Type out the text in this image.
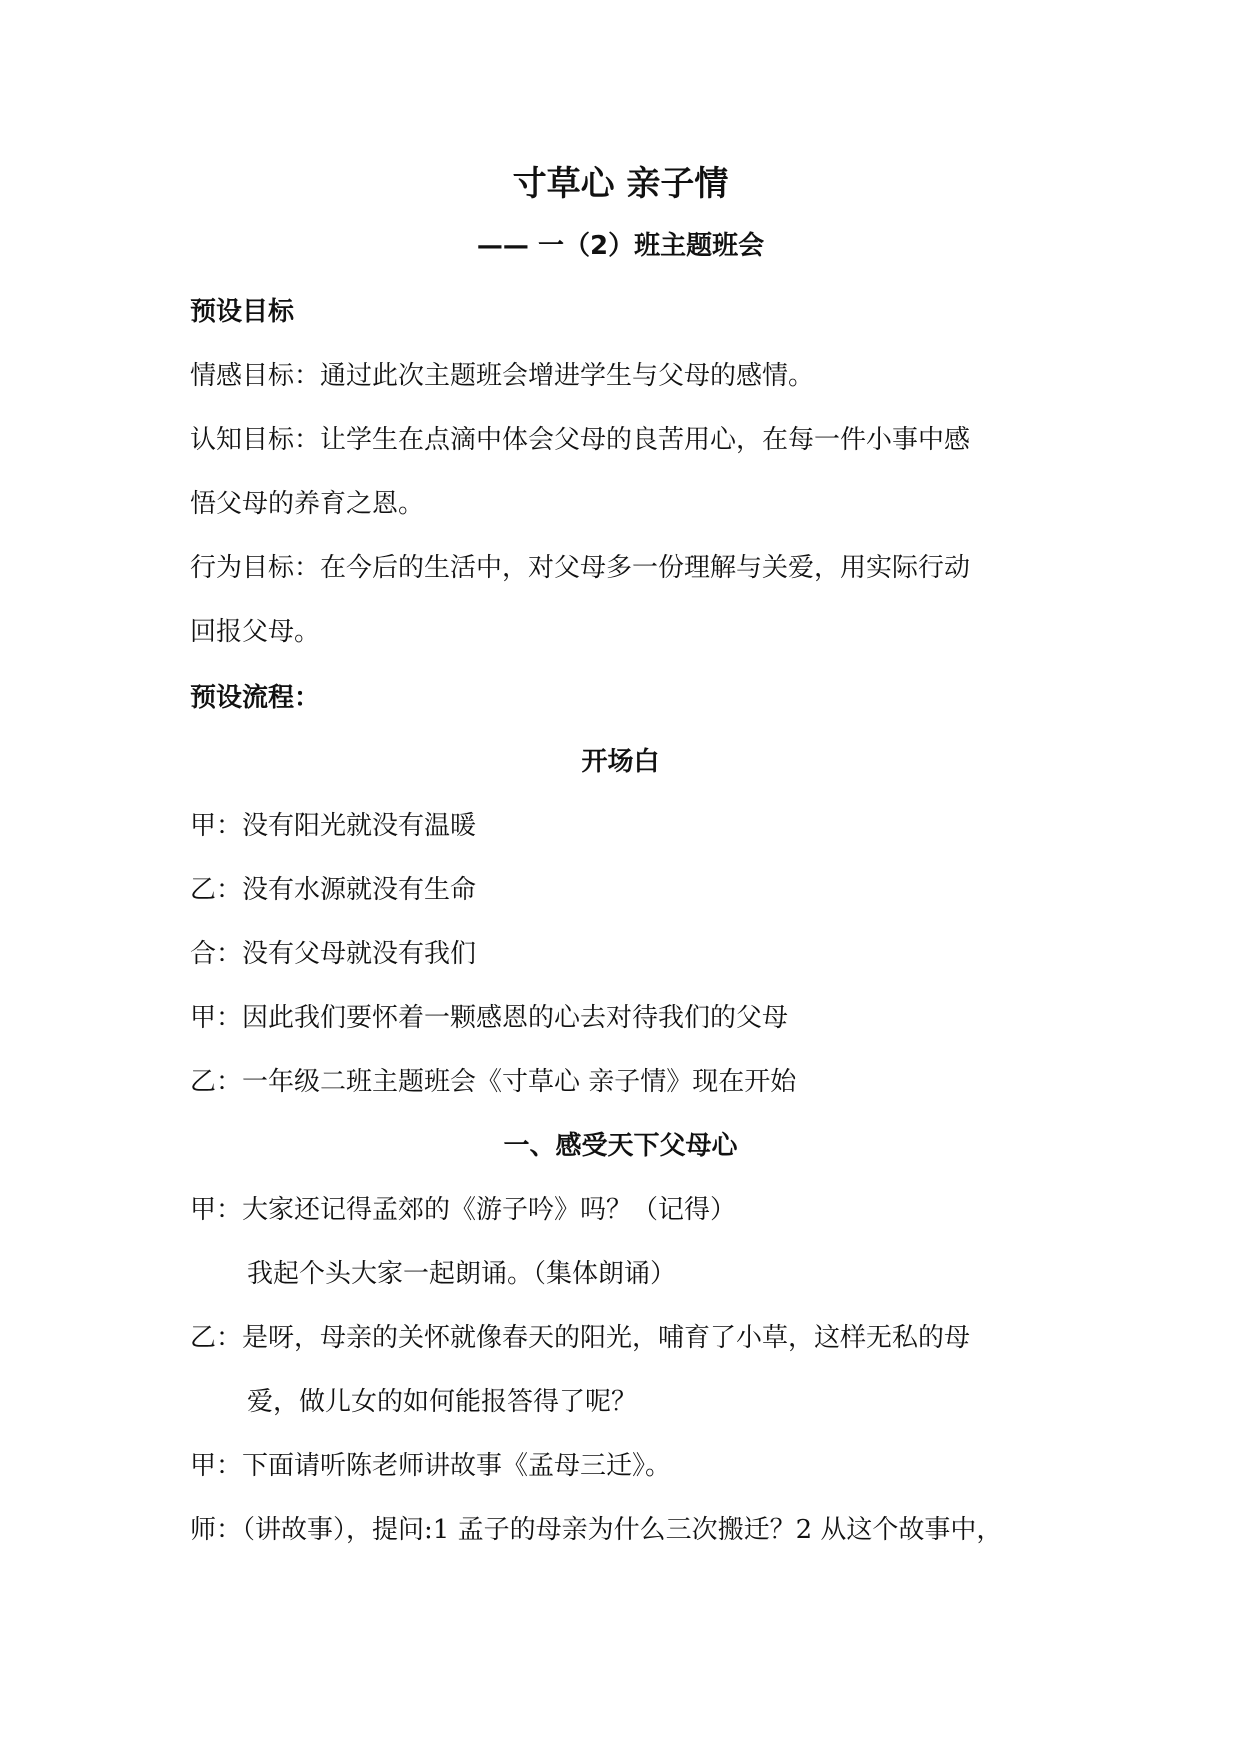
寸草心 亲子情
—— 一（2）班主题班会
预设目标
情感目标：通过此次主题班会增进学生与父母的感情。
认知目标：让学生在点滴中体会父母的良苦用心，在每一件小事中感
悟父母的养育之恩。
行为目标：在今后的生活中，对父母多一份理解与关爱，用实际行动
回报父母。
预设流程：
开场白
甲：没有阳光就没有温暖
乙：没有水源就没有生命
合：没有父母就没有我们
甲：因此我们要怀着一颗感恩的心去对待我们的父母
乙：一年级二班主题班会《寸草心 亲子情》现在开始
一、感受天下父母心
甲：大家还记得孟郊的《游子吟》吗？（记得）
我起个头大家一起朗诵。（集体朗诵）
乙：是呀，母亲的关怀就像春天的阳光，哺育了小草，这样无私的母
爱，做儿女的如何能报答得了呢？
甲：下面请听陈老师讲故事《孟母三迁》。
师：（讲故事），提问:1 孟子的母亲为什么三次搬迁？2 从这个故事中，
